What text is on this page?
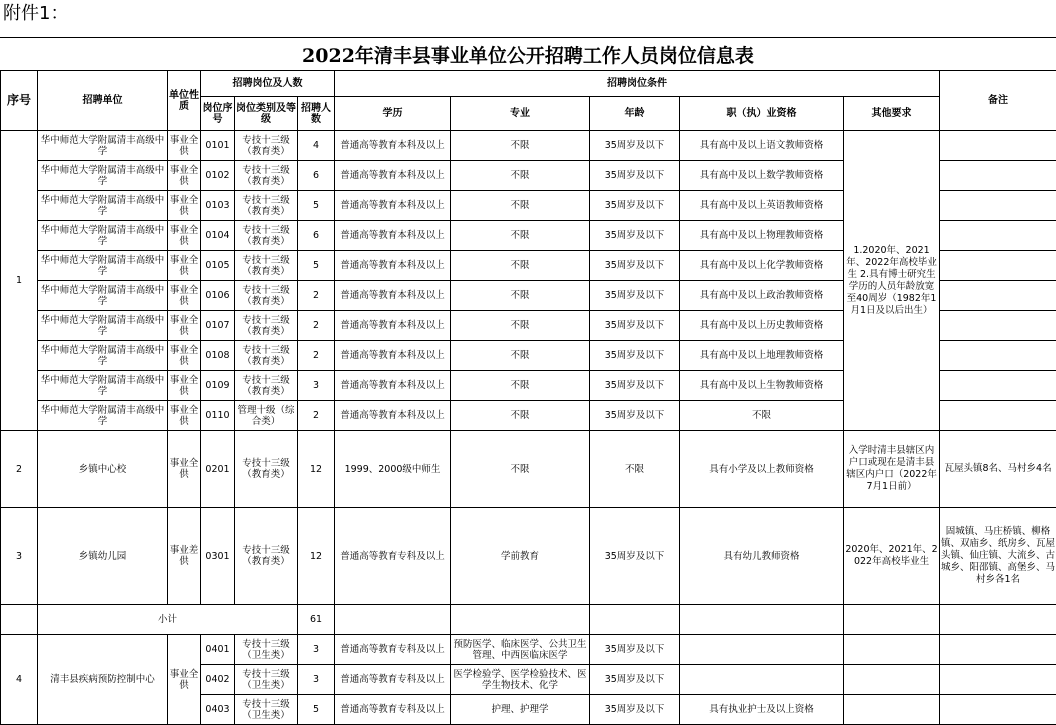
附件1：
2022年清丰县事业单位公开招聘工作人员岗位信息表
序号	招聘单位	单位性质	招聘岗位及人数			招聘岗位条件					备注
			岗位序号	岗位类别及等级	招聘人数	学历	专业	年龄	职（执）业资格	其他要求	
1	华中师范大学附属清丰高级中学	事业全供	0101	专技十三级（教育类）	4	普通高等教育本科及以上	不限	35周岁及以下	具有高中及以上语文教师资格	1.2020年、2021年、2022年高校毕业生 2.具有博士研究生学历的人员年龄放宽至40周岁（1982年1月1日及以后出生）	
	华中师范大学附属清丰高级中学	事业全供	0102	专技十三级（教育类）	6	普通高等教育本科及以上	不限	35周岁及以下	具有高中及以上数学教师资格		
	华中师范大学附属清丰高级中学	事业全供	0103	专技十三级（教育类）	5	普通高等教育本科及以上	不限	35周岁及以下	具有高中及以上英语教师资格		
	华中师范大学附属清丰高级中学	事业全供	0104	专技十三级（教育类）	6	普通高等教育本科及以上	不限	35周岁及以下	具有高中及以上物理教师资格		
	华中师范大学附属清丰高级中学	事业全供	0105	专技十三级（教育类）	5	普通高等教育本科及以上	不限	35周岁及以下	具有高中及以上化学教师资格		
	华中师范大学附属清丰高级中学	事业全供	0106	专技十三级（教育类）	2	普通高等教育本科及以上	不限	35周岁及以下	具有高中及以上政治教师资格		
	华中师范大学附属清丰高级中学	事业全供	0107	专技十三级（教育类）	2	普通高等教育本科及以上	不限	35周岁及以下	具有高中及以上历史教师资格		
	华中师范大学附属清丰高级中学	事业全供	0108	专技十三级（教育类）	2	普通高等教育本科及以上	不限	35周岁及以下	具有高中及以上地理教师资格		
	华中师范大学附属清丰高级中学	事业全供	0109	专技十三级（教育类）	3	普通高等教育本科及以上	不限	35周岁及以下	具有高中及以上生物教师资格		
	华中师范大学附属清丰高级中学	事业全供	0110	管理十级（综合类）	2	普通高等教育本科及以上	不限	35周岁及以下	不限		
2	乡镇中心校	事业全供	0201	专技十三级（教育类）	12	1999、2000级中师生	不限	不限	具有小学及以上教师资格	入学时清丰县辖区内户口或现在是清丰县辖区内户口（2022年7月1日前）	瓦屋头镇8名、马村乡4名
3	乡镇幼儿园	事业差供	0301	专技十三级（教育类）	12	普通高等教育专科及以上	学前教育	35周岁及以下	具有幼儿教师资格	2020年、2021年、2022年高校毕业生	固城镇、马庄桥镇、柳格镇、双庙乡、纸房乡、瓦屋头镇、仙庄镇、大流乡、古城乡、阳邵镇、高堡乡、马村乡各1名
	小计				61						
4	清丰县疾病预防控制中心	事业全供	0401	专技十三级（卫生类）	3	普通高等教育专科及以上	预防医学、临床医学、公共卫生管理、中西医临床医学	35周岁及以下			
			0402	专技十三级（卫生类）	3	普通高等教育专科及以上	医学检验学、医学检验技术、医学生物技术、化学	35周岁及以下			
			0403	专技十三级（卫生类）	5	普通高等教育专科及以上	护理、护理学	35周岁及以下	具有执业护士及以上资格		
